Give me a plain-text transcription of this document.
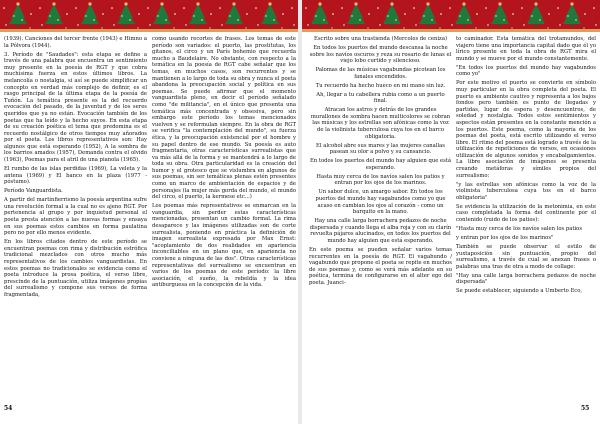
(1939). Canciones del tercer frente (1943) e Himno a la Pólvora (1944).

3. Período de "Saudades": esta etapa se define a través de una palabra que encuentra un sentimiento muy presente en la poesía de RGT y que cobra muchísima fuerza en estos últimos libros. La melancolía o nostalgia, si así se puede simplificar un concepto en verdad más complejo de definir, es el rasgo principal de la última etapa de la poesía de Tuñón. La temática presente es la del recuerdo evocación del pasado, de la juventud y de los seres queridos que ya no están. Evocación también de los poetas que ha leído y la hecho suyos. En esta etapa de su creación poética el tema que predomina es el recuerdo nostálgico de otros tiempos muy añorados por el poeta. Los libros representativos son: Hay algunos que está esperando (1952), A la sombra de los barrios amados (1957), Demanda contra el olvido (1963), Poemas para el atril de una pianola (1965).

El rumbo de las islas perdidas (1969), La veleta y la antena (1969) y El banco en la plaza (1977 - póstumo).

Período Vanguardista.

A partir del martinfierrismo la poesía argentina sufre una revolución formal a la cual no es ajeno RGT. Por pertenencia al grupo y por inquietud personal el poeta presta atención a las nuevas formas y ensaya en sus poemas estos cambios en forma paulatina pero no por ello menos evidente.

En los libros citados dentro de este período se encuentran poemas con rima y distribución estrófica tradicional mezclados con otros mucho más representativos de los cambios vanguardistas. En estos poemas no tradicionales se evidencia como el poeta introduce la prosa poética, el verso libre, prescinde de la puntuación, utiliza imágenes propias del surrealismo y compone sus versos de forma fragmentada,

como usando recortes de frases. Los temas de este período son variados: el puerto, las prostitutas, los gitanos, el circo y un París bohemio que recuerda mucho a Baudelaire. No obstante, con respecto a la temática en la poesía de RGT cabe señalar que los temas, en muchos casos, son recurrentes y se mantienen a lo largo de toda su obra y nunca el poeta abandona la preocupación social y política en sus poemas. Se puede afirmar que el momento vanguardista pleno, en decir el período señalado como "de militancia", en el único que presenta una temática más concentrada y obsesiva, pero sin embargo este período los temas mencionados vuelven y se reformulan siempre. En la obra de RGT se verifica "la contemplación del mundo", su fuerza ética, y la preocupación existencial por el hombre y su papel dentro de ese mundo. Su poesía es auto fragmentaria, otras características surrealistas que va más allá de la forma y se mantendrá a lo largo de toda su obra. Otra particularidad es la creación del humor y el grotesco que se vislumbra en algunos de sus poemas, sin ser temáticas plenas estén presentes como un marco de ambientación de espacios y de personajes (la mujer más gorda del mundo, el mundo del circo, el puerto, la kermese etc...)

Los poemas más representativos se enmarcan en la vanguardia, sin perder estas características mencionadas, presentan un cambio formal. La rima desaparece y las imágenes utilizadas son de corte surrealista, poniendo en práctica la definición de imagen surrealista expresada por Max Ernst: "acoplamiento de dos realidades en apariencia inconciliables en un plano que, en apariencia no conviene a ninguna de las dos". Otras características representativas del surrealismo se encuentran en varios de los poemas de este período: la libre asociación, el sueño, la rebeldía y la idea antiburguesa en la concepción de la vida.

Escrito sobre una trastienda (Mercoles de ceniza)

En todos los puertos del mundo descansa la noche sobre los navíos oscuros y reza su rosario de lunas el viejo lobo curtido y silencioso.

Palomas de las músicas vagabundas picotean los fanales encendidos.

Tu recuerdo ha hecho hueco en mi mano sin luz.

Ah, llegar a tu cabellera rubia como a un puerto final.

Atracan los astros y detrás de los grandes murallones de sombra hacen multicolores se cobran las músicas y los estrellas son afónicas como la voz de la violinista tuberculosa cuya tos en el barco obligatoria.

El alcohol abre sus mares y las mujeres canallas pasean su olor a polvo y su cansancio.

En todos los puertos del mundo hay alguien que está esperando.

Hasta muy cerca de los navíos salen los patios y entran por los ojos de los marinos.

Un sabor dulce, un amargo sabor. En todos los puertos del mundo hay vagabundos como yo que acaso en cambian los ojos al corazón - como un barquito en la mano.

Hay una calle larga borrachera pedazos de noche dispersada y cuando llega el alba roja y con su clarín revuelta pájaros alucinados, en todos los puertos del mundo hay alguien que está esperando.

En este poema se pueden señalar varios temas recurrentes en la poesía de RGT. El vagabundo / vagabundo que propone el poeta se repite en muchos de sus poemas y, como se verá más adelante en su poética, termina de configurarse en el alter ego del poeta. Juanci-

to caminador. Esta temática del trotamundos, del viajero tiene una importancia capital dado que él yo lírico presente en toda la obra de RGT mira el mundo y se mueve por el mundo constantemente.

"En todos los puertos del mundo hay vagabundos como yo"

Por este motivo el puerto se convierte en símbolo muy particular en la obra completa del poeta. El puerto es ambiente cautivo y representa a los bajos fondos pero también es punto de llegadas y partidas, lugar de espera y desencuentros, de soledad y nostalgia. Todos estos sentimientos y aspectos están presentes en la constante mención a los puertos. Este poema, como la mayoría de los poemas del poeta, está escrito utilizando el verso libre. El ritmo del poema está logrado a través de la utilización de repeticiones de versos, en ocasiones utilización de algunos sonidos y encabalgamientos. La libre asociación de imágenes se presenta creando metáforas y símiles propios del surrealismo:

"y las estrellas son afónicas como la voz de la violinista tuberculosa cuya tos en el barco obligatoria"

Se evidencia la utilización de la metonimia, en este caso completada la forma del continente por el contenido (ruido de los patios):

"Hasta muy cerca de los navíos salen los patios

y entran por los ojos de los marinos"

También se puede observar el estilo de yuxtaposición sin puntuación, propio del surrealismo, a través de cual se anexan frases o palabras una tras de otra a modo de collage:

"Hay una calle larga borrachera pedazos de noche dispersada"

Se puede establecer, siguiendo a Umberto Eco,

54	55
